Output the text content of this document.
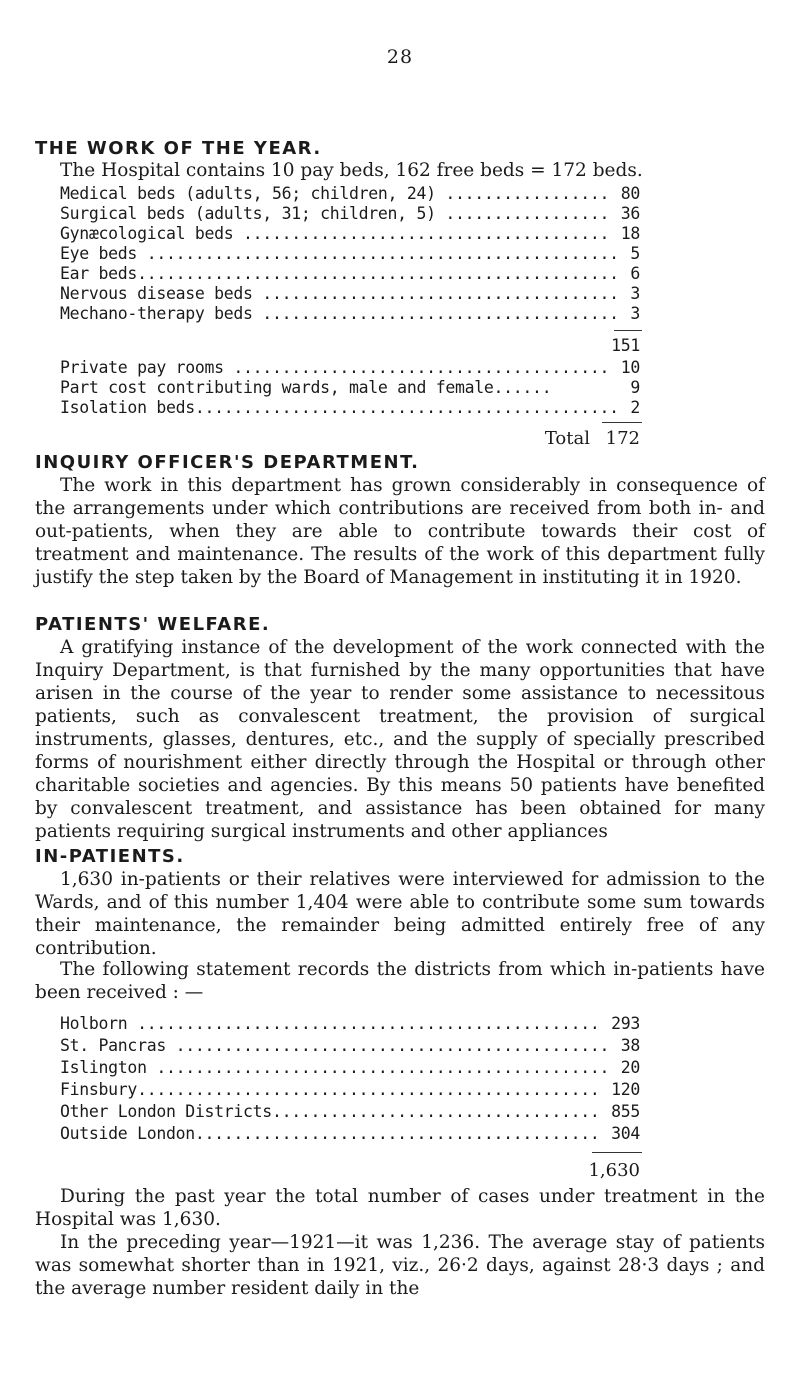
28
THE WORK OF THE YEAR.
The Hospital contains 10 pay beds, 162 free beds = 172 beds.
Medical beds (adults, 56; children, 24) ................. 80
Surgical beds (adults, 31; children, 5) ................. 36
Gynæcological beds ...................................... 18
Eye beds ................................................. 5
Ear beds.................................................. 6
Nervous disease beds ..................................... 3
Mechano-therapy beds ..................................... 3
151
Private pay rooms ....................................... 10
Part cost contributing wards, male and female......	9
Isolation beds............................................ 2
Total 172
INQUIRY OFFICER'S DEPARTMENT.
The work in this department has grown considerably in consequence of the arrangements under which contributions are received from both in- and out-patients, when they are able to contribute towards their cost of treatment and maintenance. The results of the work of this department fully justify the step taken by the Board of Management in instituting it in 1920.
PATIENTS' WELFARE.
A gratifying instance of the development of the work connected with the Inquiry Department, is that furnished by the many opportunities that have arisen in the course of the year to render some assistance to necessitous patients, such as convalescent treatment, the provision of surgical instruments, glasses, dentures, etc., and the supply of specially prescribed forms of nourishment either directly through the Hospital or through other charitable societies and agencies. By this means 50 patients have benefited by convalescent treatment, and assistance has been obtained for many patients requiring surgical instruments and other appliances
IN-PATIENTS.
1,630 in-patients or their relatives were interviewed for admission to the Wards, and of this number 1,404 were able to contribute some sum towards their maintenance, the remainder being admitted entirely free of any contribution.
The following statement records the districts from which in-patients have been received : —
Holborn ................................................ 293
St. Pancras ............................................. 38
Islington ............................................... 20
Finsbury................................................ 120
Other London Districts.................................. 855
Outside London.......................................... 304
1,630
During the past year the total number of cases under treatment in the Hospital was 1,630.
In the preceding year—1921—it was 1,236. The average stay of patients was somewhat shorter than in 1921, viz., 26·2 days, against 28·3 days ; and the average number resident daily in the
